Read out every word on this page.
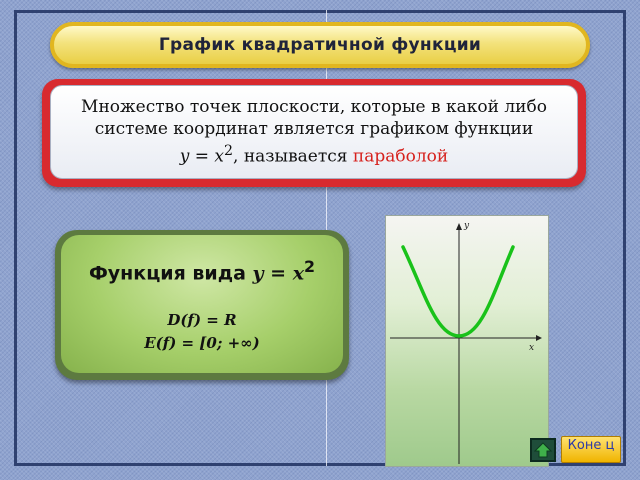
График квадратичной функции
Множество точек плоскости, которые в какой либо
системе координат является графиком функции
$y = x^2$, называется параболой
Функция вида $y = x^2$
D(f) = R
E(f) = [0; +∞)	x
y
Коне ц
